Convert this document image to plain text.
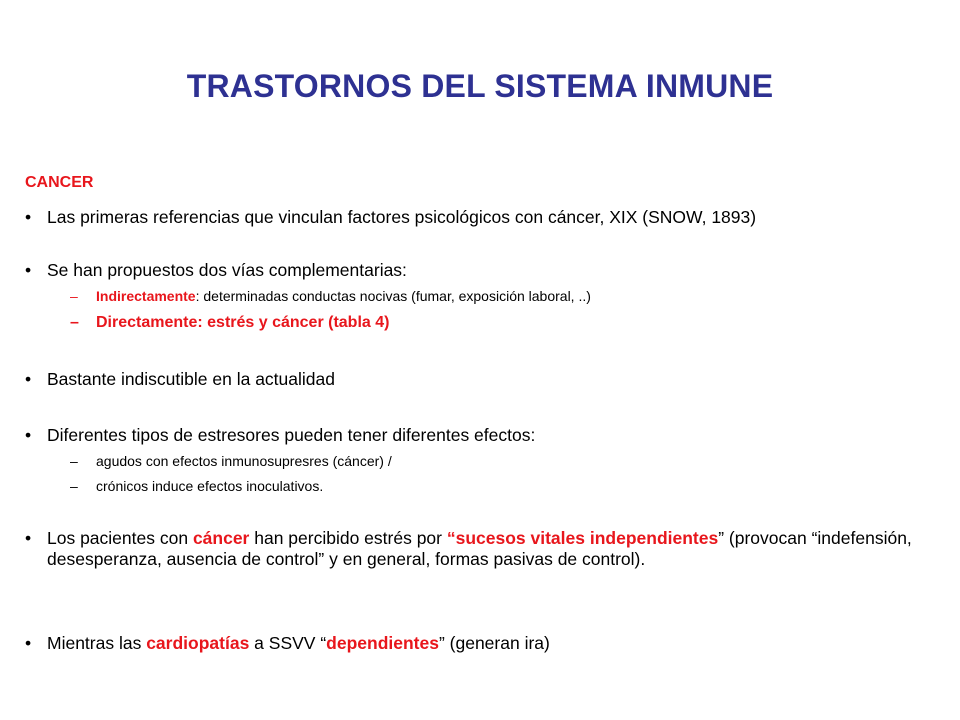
TRASTORNOS DEL SISTEMA INMUNE
CANCER
• Las primeras referencias que vinculan factores psicológicos con cáncer, XIX (SNOW, 1893)
• Se han propuestos dos vías complementarias:
– Indirectamente: determinadas conductas nocivas (fumar, exposición laboral, ..)
– Directamente: estrés y cáncer (tabla 4)
• Bastante indiscutible en la actualidad
• Diferentes tipos de estresores pueden tener diferentes efectos:
– agudos con efectos inmunosupresres (cáncer) /
– crónicos induce efectos inoculativos.
• Los pacientes con cáncer han percibido estrés por “sucesos vitales independientes” (provocan “indefensión, desesperanza, ausencia de control” y en general, formas pasivas de control).
• Mientras las cardiopatías a SSVV “dependientes” (generan ira)
